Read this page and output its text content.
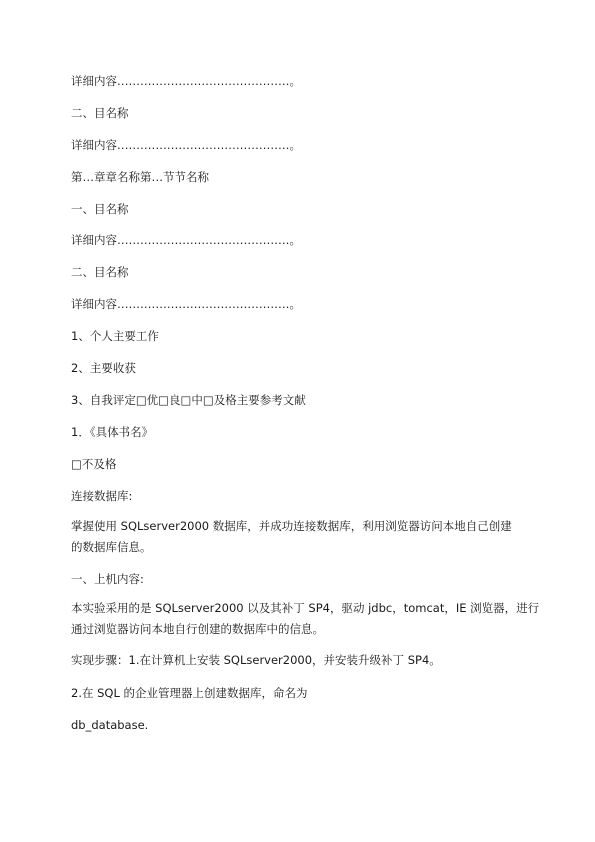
详细内容………………………………………。

二、目名称

详细内容………………………………………。

第…章章名称第…节节名称

一、目名称

详细内容………………………………………。

二、目名称

详细内容………………………………………。

1、个人主要工作

2、主要收获

3、自我评定□优□良□中□及格主要参考文献

1．《具体书名》

□不及格

连接数据库:

掌握使用 SQLserver2000 数据库，并成功连接数据库，利用浏览器访问本地自己创建
的数据库信息。

一、上机内容:

本实验采用的是 SQLserver2000 以及其补丁 SP4，驱动 jdbc，tomcat，IE 浏览器，进行
通过浏览器访问本地自行创建的数据库中的信息。

实现步骤：1.在计算机上安装 SQLserver2000，并安装升级补丁 SP4。

2.在 SQL 的企业管理器上创建数据库，命名为

db_database.
